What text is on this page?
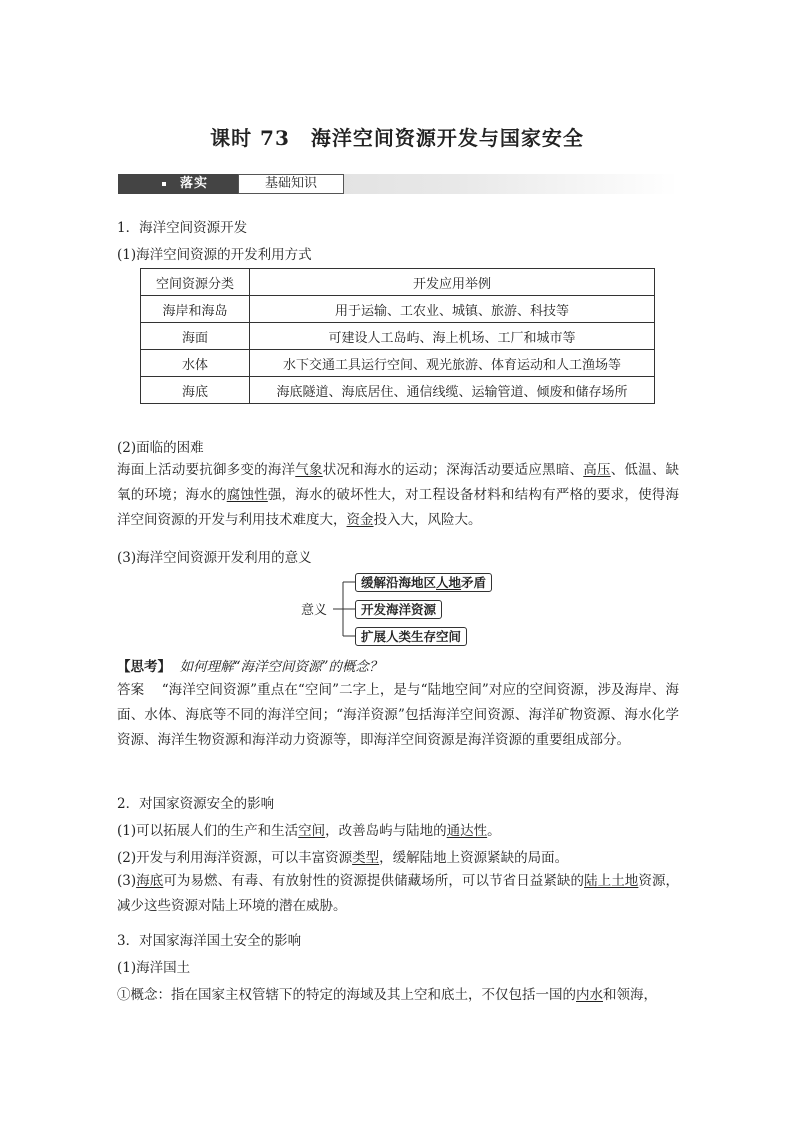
课时 73　海洋空间资源开发与国家安全
落实	基础知识
1．海洋空间资源开发
(1)海洋空间资源的开发利用方式
空间资源分类	开发应用举例
海岸和海岛	用于运输、工农业、城镇、旅游、科技等
海面	可建设人工岛屿、海上机场、工厂和城市等
水体	水下交通工具运行空间、观光旅游、体育运动和人工渔场等
海底	海底隧道、海底居住、通信线缆、运输管道、倾废和储存场所
(2)面临的困难
海面上活动要抗御多变的海洋气象状况和海水的运动；深海活动要适应黑暗、高压、低温、缺氧的环境；海水的腐蚀性强，海水的破坏性大，对工程设备材料和结构有严格的要求，使得海洋空间资源的开发与利用技术难度大，资金投入大，风险大。
(3)海洋空间资源开发利用的意义
意义
缓解沿海地区人地矛盾
开发海洋资源
扩展人类生存空间
【思考】 如何理解“海洋空间资源”的概念？
答案 “海洋空间资源”重点在“空间”二字上，是与“陆地空间”对应的空间资源，涉及海岸、海面、水体、海底等不同的海洋空间；“海洋资源”包括海洋空间资源、海洋矿物资源、海水化学资源、海洋生物资源和海洋动力资源等，即海洋空间资源是海洋资源的重要组成部分。
2．对国家资源安全的影响
(1)可以拓展人们的生产和生活空间，改善岛屿与陆地的通达性。
(2)开发与利用海洋资源，可以丰富资源类型，缓解陆地上资源紧缺的局面。
(3)海底可为易燃、有毒、有放射性的资源提供储藏场所，可以节省日益紧缺的陆上土地资源，减少这些资源对陆上环境的潜在威胁。
3．对国家海洋国土安全的影响
(1)海洋国土
①概念：指在国家主权管辖下的特定的海域及其上空和底土，不仅包括一国的内水和领海，
